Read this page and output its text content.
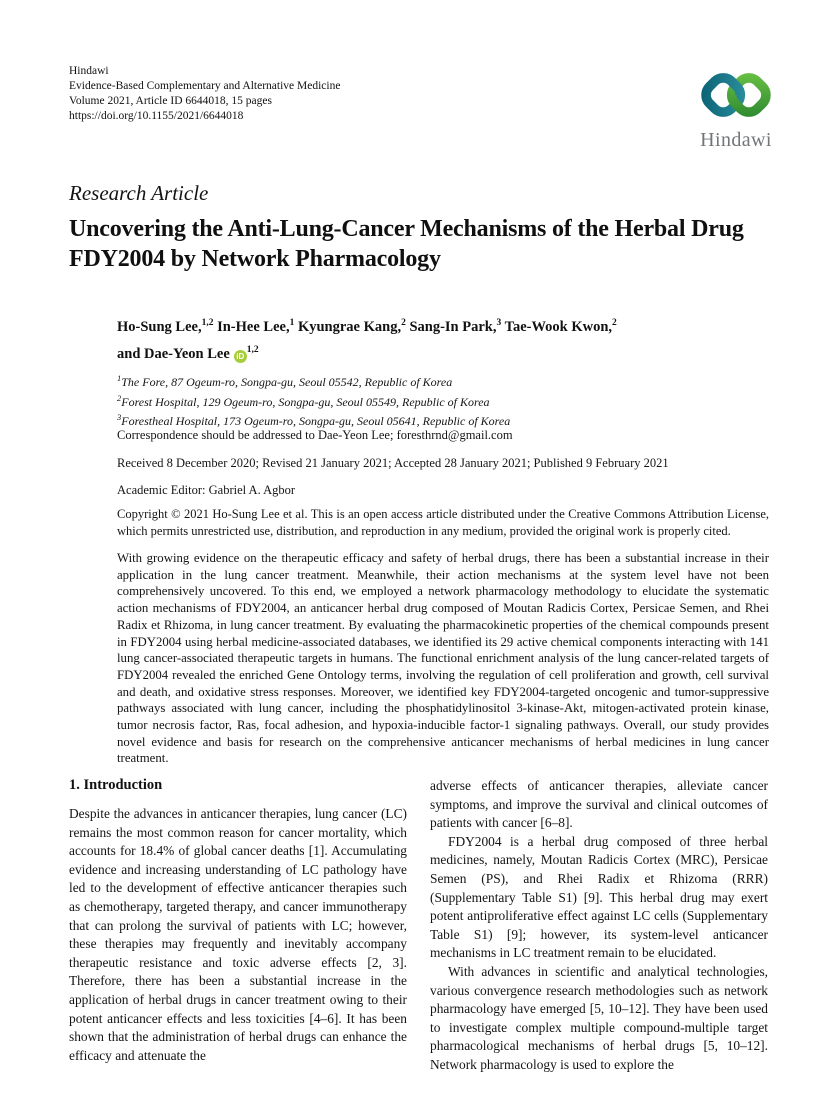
Hindawi
Evidence-Based Complementary and Alternative Medicine
Volume 2021, Article ID 6644018, 15 pages
https://doi.org/10.1155/2021/6644018
Hindawi
Research Article
Uncovering the Anti-Lung-Cancer Mechanisms of the Herbal Drug FDY2004 by Network Pharmacology
Ho-Sung Lee,$^{1,2}$ In-Hee Lee,$^1$ Kyungrae Kang,$^2$ Sang-In Park,$^3$ Tae-Wook Kwon,$^2$
and Dae-Yeon Lee iD$^{1,2}$
$^1$The Fore, 87 Ogeum-ro, Songpa-gu, Seoul 05542, Republic of Korea
$^2$Forest Hospital, 129 Ogeum-ro, Songpa-gu, Seoul 05549, Republic of Korea
$^3$Forestheal Hospital, 173 Ogeum-ro, Songpa-gu, Seoul 05641, Republic of Korea
Correspondence should be addressed to Dae-Yeon Lee; foresthrnd@gmail.com
Received 8 December 2020; Revised 21 January 2021; Accepted 28 January 2021; Published 9 February 2021
Academic Editor: Gabriel A. Agbor
Copyright © 2021 Ho-Sung Lee et al. This is an open access article distributed under the Creative Commons Attribution License, which permits unrestricted use, distribution, and reproduction in any medium, provided the original work is properly cited.
With growing evidence on the therapeutic efficacy and safety of herbal drugs, there has been a substantial increase in their application in the lung cancer treatment. Meanwhile, their action mechanisms at the system level have not been comprehensively uncovered. To this end, we employed a network pharmacology methodology to elucidate the systematic action mechanisms of FDY2004, an anticancer herbal drug composed of Moutan Radicis Cortex, Persicae Semen, and Rhei Radix et Rhizoma, in lung cancer treatment. By evaluating the pharmacokinetic properties of the chemical compounds present in FDY2004 using herbal medicine-associated databases, we identified its 29 active chemical components interacting with 141 lung cancer-associated therapeutic targets in humans. The functional enrichment analysis of the lung cancer-related targets of FDY2004 revealed the enriched Gene Ontology terms, involving the regulation of cell proliferation and growth, cell survival and death, and oxidative stress responses. Moreover, we identified key FDY2004-targeted oncogenic and tumor-suppressive pathways associated with lung cancer, including the phosphatidylinositol 3-kinase-Akt, mitogen-activated protein kinase, tumor necrosis factor, Ras, focal adhesion, and hypoxia-inducible factor-1 signaling pathways. Overall, our study provides novel evidence and basis for research on the comprehensive anticancer mechanisms of herbal medicines in lung cancer treatment.
1. Introduction

Despite the advances in anticancer therapies, lung cancer (LC) remains the most common reason for cancer mortality, which accounts for 18.4% of global cancer deaths [1]. Accumulating evidence and increasing understanding of LC pathology have led to the development of effective anticancer therapies such as chemotherapy, targeted therapy, and cancer immunotherapy that can prolong the survival of patients with LC; however, these therapies may frequently and inevitably accompany therapeutic resistance and toxic adverse effects [2, 3]. Therefore, there has been a substantial increase in the application of herbal drugs in cancer treatment owing to their potent anticancer effects and less toxicities [4–6]. It has been shown that the administration of herbal drugs can enhance the efficacy and attenuate the

adverse effects of anticancer therapies, alleviate cancer symptoms, and improve the survival and clinical outcomes of patients with cancer [6–8].

FDY2004 is a herbal drug composed of three herbal medicines, namely, Moutan Radicis Cortex (MRC), Persicae Semen (PS), and Rhei Radix et Rhizoma (RRR) (Supplementary Table S1) [9]. This herbal drug may exert potent antiproliferative effect against LC cells (Supplementary Table S1) [9]; however, its system-level anticancer mechanisms in LC treatment remain to be elucidated.

With advances in scientific and analytical technologies, various convergence research methodologies such as network pharmacology have emerged [5, 10–12]. They have been used to investigate complex multiple compound-multiple target pharmacological mechanisms of herbal drugs [5, 10–12]. Network pharmacology is used to explore the
